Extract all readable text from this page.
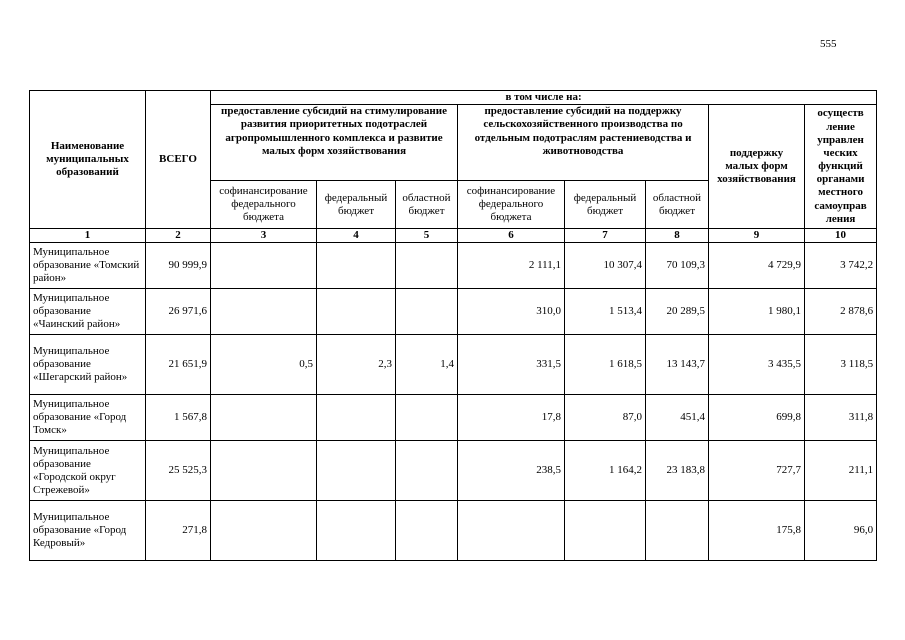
555
Наименование муниципальных образований	ВСЕГО	в том числе на:							
		предоставление субсидий на стимулирование развития приоритетных подотраслей агропромышленного комплекса и развитие малых форм хозяйствования			предоставление субсидий на поддержку сельскохозяйственного производства по отдельным подотраслям растениеводства и животноводства			поддержку малых форм хозяйствования	осуществ ление управлен ческих функций органами местного самоуправ ления
		софинансирование федерального бюджета	федеральный бюджет	областной бюджет	софинансирование федерального бюджета	федеральный бюджет	областной бюджет		
1	2	3	4	5	6	7	8	9	10
Муниципальное образование «Томский район»	90 999,9				2 111,1	10 307,4	70 109,3	4 729,9	3 742,2
Муниципальное образование «Чаинский район»	26 971,6				310,0	1 513,4	20 289,5	1 980,1	2 878,6
Муниципальное образование «Шегарский район»	21 651,9	0,5	2,3	1,4	331,5	1 618,5	13 143,7	3 435,5	3 118,5
Муниципальное образование «Город Томск»	1 567,8				17,8	87,0	451,4	699,8	311,8
Муниципальное образование «Городской округ Стрежевой»	25 525,3				238,5	1 164,2	23 183,8	727,7	211,1
Муниципальное образование «Город Кедровый»	271,8							175,8	96,0
